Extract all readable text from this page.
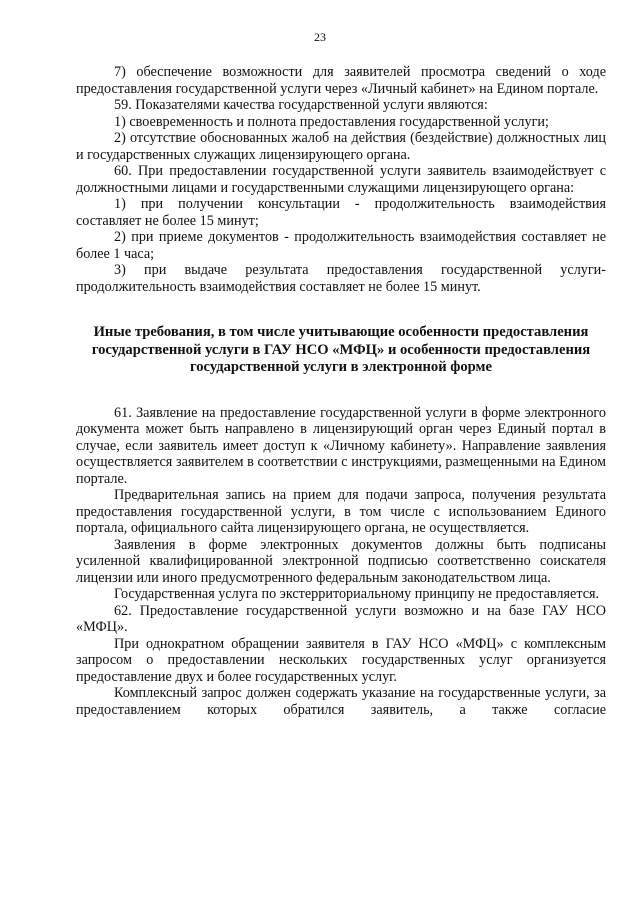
23

7) обеспечение возможности для заявителей просмотра сведений о ходе предоставления государственной услуги через «Личный кабинет» на Едином портале.

59. Показателями качества государственной услуги являются:

1) своевременность и полнота предоставления государственной услуги;

2) отсутствие обоснованных жалоб на действия (бездействие) должностных лиц и государственных служащих лицензирующего органа.

60. При предоставлении государственной услуги заявитель взаимодействует с должностными лицами и государственными служащими лицензирующего органа:

1) при получении консультации - продолжительность взаимодействия составляет не более 15 минут;

2) при приеме документов - продолжительность взаимодействия составляет не более 1 часа;

3) при выдаче результата предоставления государственной услуги-продолжительность взаимодействия составляет не более 15 минут.

Иные требования, в том числе учитывающие особенности предоставления государственной услуги в ГАУ НСО «МФЦ» и особенности предоставления государственной услуги в электронной форме

61. Заявление на предоставление государственной услуги в форме электронного документа может быть направлено в лицензирующий орган через Единый портал в случае, если заявитель имеет доступ к «Личному кабинету». Направление заявления осуществляется заявителем в соответствии с инструкциями, размещенными на Едином портале.

Предварительная запись на прием для подачи запроса, получения результата предоставления государственной услуги, в том числе с использованием Единого портала, официального сайта лицензирующего органа, не осуществляется.

Заявления в форме электронных документов должны быть подписаны усиленной квалифицированной электронной подписью соответственно соискателя лицензии или иного предусмотренного федеральным законодательством лица.

Государственная услуга по экстерриториальному принципу не предоставляется.

62. Предоставление государственной услуги возможно и на базе ГАУ НСО «МФЦ».

При однократном обращении заявителя в ГАУ НСО «МФЦ» с комплексным запросом о предоставлении нескольких государственных услуг организуется предоставление двух и более государственных услуг.

Комплексный запрос должен содержать указание на государственные услуги, за предоставлением которых обратился заявитель, а также согласие
